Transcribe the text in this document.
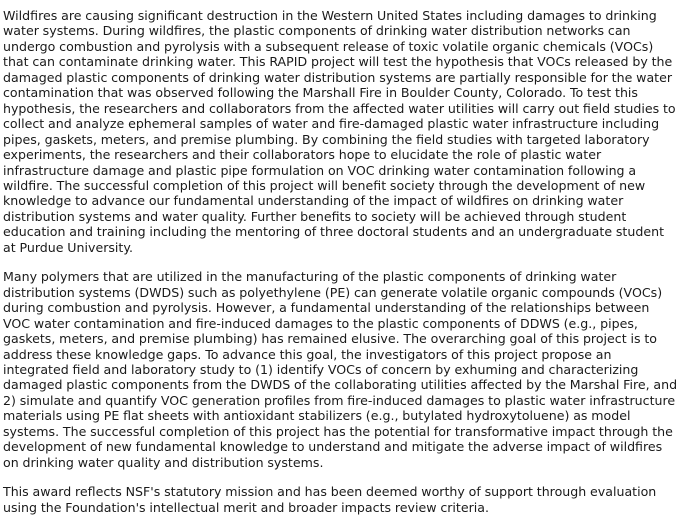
Wildfires are causing significant destruction in the Western United States including damages to drinking water systems. During wildfires, the plastic components of drinking water distribution networks can undergo combustion and pyrolysis with a subsequent release of toxic volatile organic chemicals (VOCs) that can contaminate drinking water. This RAPID project will test the hypothesis that VOCs released by the damaged plastic components of drinking water distribution systems are partially responsible for the water contamination that was observed following the Marshall Fire in Boulder County, Colorado. To test this hypothesis, the researchers and collaborators from the affected water utilities will carry out field studies to collect and analyze ephemeral samples of water and fire-damaged plastic water infrastructure including pipes, gaskets, meters, and premise plumbing. By combining the field studies with targeted laboratory experiments, the researchers and their collaborators hope to elucidate the role of plastic water infrastructure damage and plastic pipe formulation on VOC drinking water contamination following a wildfire. The successful completion of this project will benefit society through the development of new knowledge to advance our fundamental understanding of the impact of wildfires on drinking water distribution systems and water quality. Further benefits to society will be achieved through student education and training including the mentoring of three doctoral students and an undergraduate student at Purdue University.

Many polymers that are utilized in the manufacturing of the plastic components of drinking water distribution systems (DWDS) such as polyethylene (PE) can generate volatile organic compounds (VOCs) during combustion and pyrolysis. However, a fundamental understanding of the relationships between VOC water contamination and fire-induced damages to the plastic components of DDWS (e.g., pipes, gaskets, meters, and premise plumbing) has remained elusive. The overarching goal of this project is to address these knowledge gaps. To advance this goal, the investigators of this project propose an integrated field and laboratory study to (1) identify VOCs of concern by exhuming and characterizing damaged plastic components from the DWDS of the collaborating utilities affected by the Marshal Fire, and 2) simulate and quantify VOC generation profiles from fire-induced damages to plastic water infrastructure materials using PE flat sheets with antioxidant stabilizers (e.g., butylated hydroxytoluene) as model systems. The successful completion of this project has the potential for transformative impact through the development of new fundamental knowledge to understand and mitigate the adverse impact of wildfires on drinking water quality and distribution systems.

This award reflects NSF's statutory mission and has been deemed worthy of support through evaluation using the Foundation's intellectual merit and broader impacts review criteria.
